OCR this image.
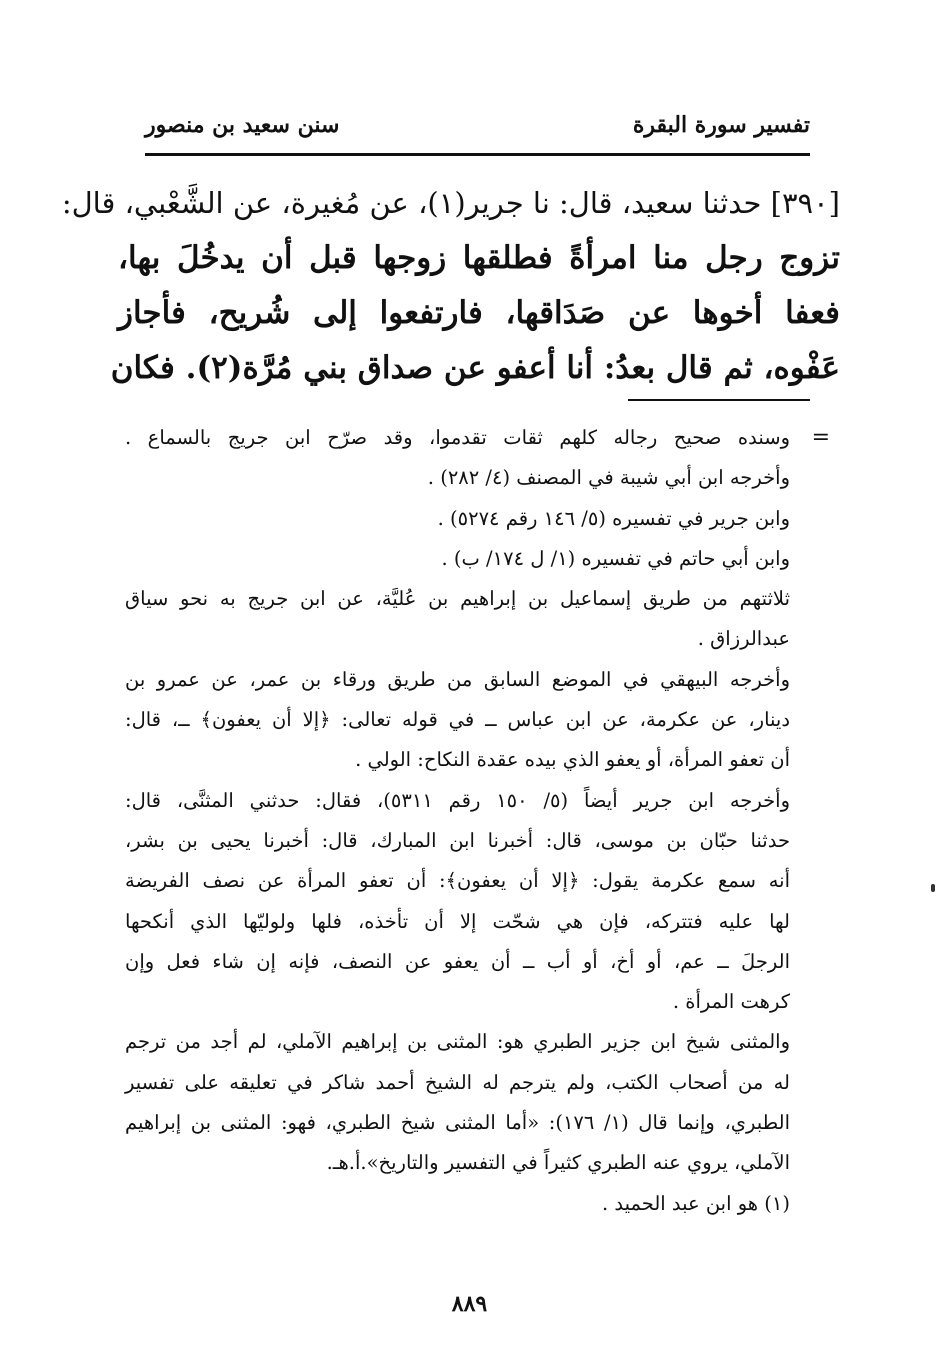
تفسير سورة البقرة
سنن سعيد بن منصور
[٣٩٠] حدثنا سعيد، قال: نا جرير(١)، عن مُغيرة، عن الشَّعْبي، قال:
تزوج رجل منا امرأةً فطلقها زوجها قبل أن يدخُلَ بها،
فعفا أخوها عن صَدَاقها، فارتفعوا إلى شُريح، فأجاز
عَفْوه، ثم قال بعدُ: أنا أعفو عن صداق بني مُرَّة(٢). فكان
=
وسنده صحيح رجاله كلهم ثقات تقدموا، وقد صرّح ابن جريج بالسماع .
وأخرجه ابن أبي شيبة في المصنف (٤/ ٢٨٢) .
وابن جرير في تفسيره (٥/ ١٤٦ رقم ٥٢٧٤) .
وابن أبي حاتم في تفسيره (١/ ل ١٧٤/ ب) .
ثلاثتهم من طريق إسماعيل بن إبراهيم بن عُليَّة، عن ابن جريج به نحو سياق
عبدالرزاق .
وأخرجه البيهقي في الموضع السابق من طريق ورقاء بن عمر، عن عمرو بن
دينار، عن عكرمة، عن ابن عباس ــ في قوله تعالى: ﴿إلا أن يعفون﴾ ــ، قال:
أن تعفو المرأة، أو يعفو الذي بيده عقدة النكاح: الولي .
وأخرجه ابن جرير أيضاً (٥/ ١٥٠ رقم ٥٣١١)، فقال: حدثني المثنَّى، قال:
حدثنا حبّان بن موسى، قال: أخبرنا ابن المبارك، قال: أخبرنا يحيى بن بشر،
أنه سمع عكرمة يقول: ﴿إلا أن يعفون﴾: أن تعفو المرأة عن نصف الفريضة
لها عليه فتتركه، فإن هي شحّت إلا أن تأخذه، فلها ولوليّها الذي أنكحها
الرجلَ ــ عم، أو أخ، أو أب ــ أن يعفو عن النصف، فإنه إن شاء فعل وإن
كرهت المرأة .
والمثنى شيخ ابن جزير الطبري هو: المثنى بن إبراهيم الآملي، لم أجد من ترجم
له من أصحاب الكتب، ولم يترجم له الشيخ أحمد شاكر في تعليقه على تفسير
الطبري، وإنما قال (١/ ١٧٦): «أما المثنى شيخ الطبري، فهو: المثنى بن إبراهيم
الآملي، يروي عنه الطبري كثيراً في التفسير والتاريخ».أ.هـ.
(١) هو ابن عبد الحميد .
٨٨٩
